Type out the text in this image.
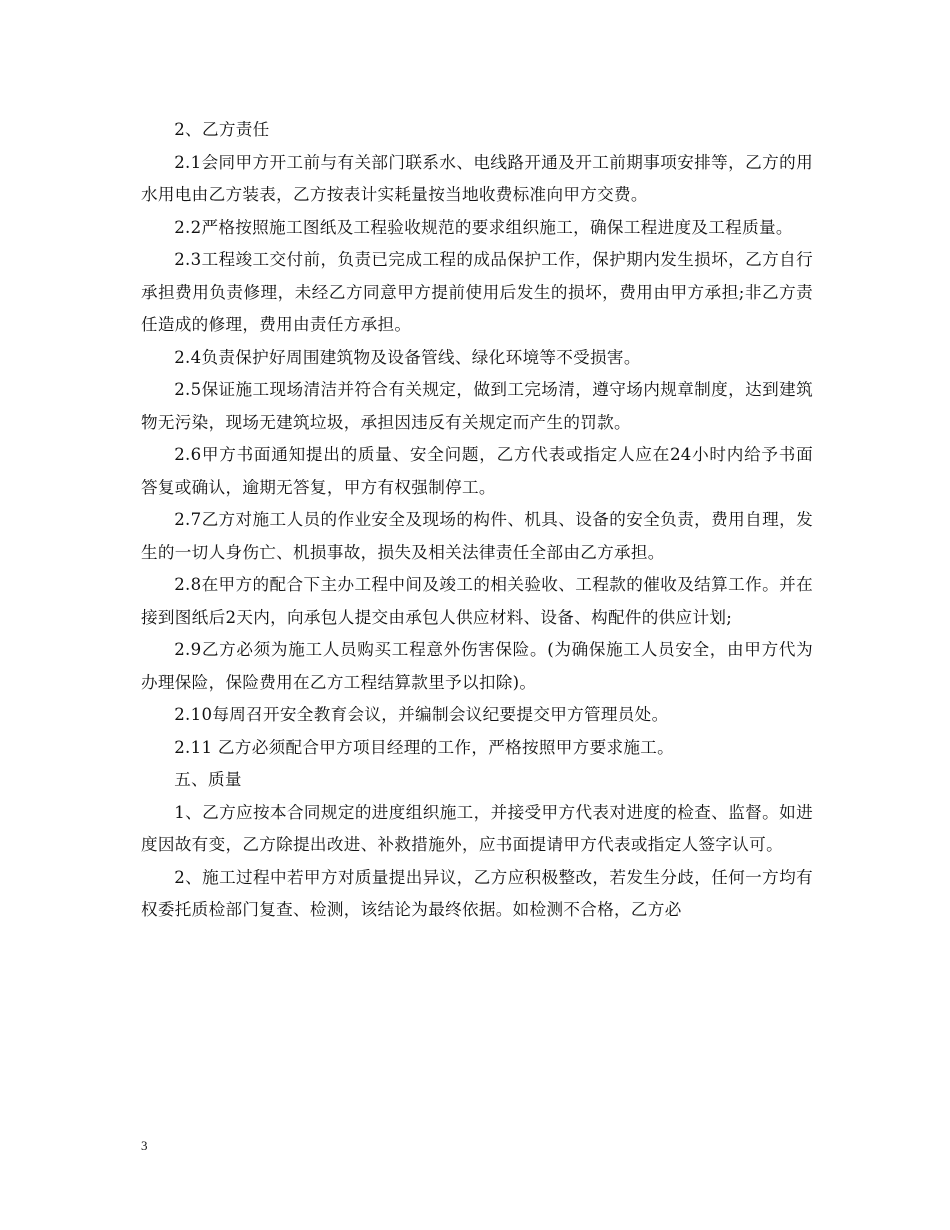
2、乙方责任

2.1会同甲方开工前与有关部门联系水、电线路开通及开工前期事项安排等，乙方的用水用电由乙方装表，乙方按表计实耗量按当地收费标准向甲方交费。

2.2严格按照施工图纸及工程验收规范的要求组织施工，确保工程进度及工程质量。

2.3工程竣工交付前，负责已完成工程的成品保护工作，保护期内发生损坏，乙方自行承担费用负责修理，未经乙方同意甲方提前使用后发生的损坏，费用由甲方承担;非乙方责任造成的修理，费用由责任方承担。

2.4负责保护好周围建筑物及设备管线、绿化环境等不受损害。

2.5保证施工现场清洁并符合有关规定，做到工完场清，遵守场内规章制度，达到建筑物无污染，现场无建筑垃圾，承担因违反有关规定而产生的罚款。

2.6甲方书面通知提出的质量、安全问题，乙方代表或指定人应在24小时内给予书面答复或确认，逾期无答复，甲方有权强制停工。

2.7乙方对施工人员的作业安全及现场的构件、机具、设备的安全负责，费用自理，发生的一切人身伤亡、机损事故，损失及相关法律责任全部由乙方承担。

2.8在甲方的配合下主办工程中间及竣工的相关验收、工程款的催收及结算工作。并在接到图纸后2天内，向承包人提交由承包人供应材料、设备、构配件的供应计划;

2.9乙方必须为施工人员购买工程意外伤害保险。(为确保施工人员安全，由甲方代为办理保险，保险费用在乙方工程结算款里予以扣除)。

2.10每周召开安全教育会议，并编制会议纪要提交甲方管理员处。

2.11 乙方必须配合甲方项目经理的工作，严格按照甲方要求施工。

五、质量

1、乙方应按本合同规定的进度组织施工，并接受甲方代表对进度的检查、监督。如进度因故有变，乙方除提出改进、补救措施外，应书面提请甲方代表或指定人签字认可。

2、施工过程中若甲方对质量提出异议，乙方应积极整改，若发生分歧，任何一方均有权委托质检部门复查、检测，该结论为最终依据。如检测不合格，乙方必

3
